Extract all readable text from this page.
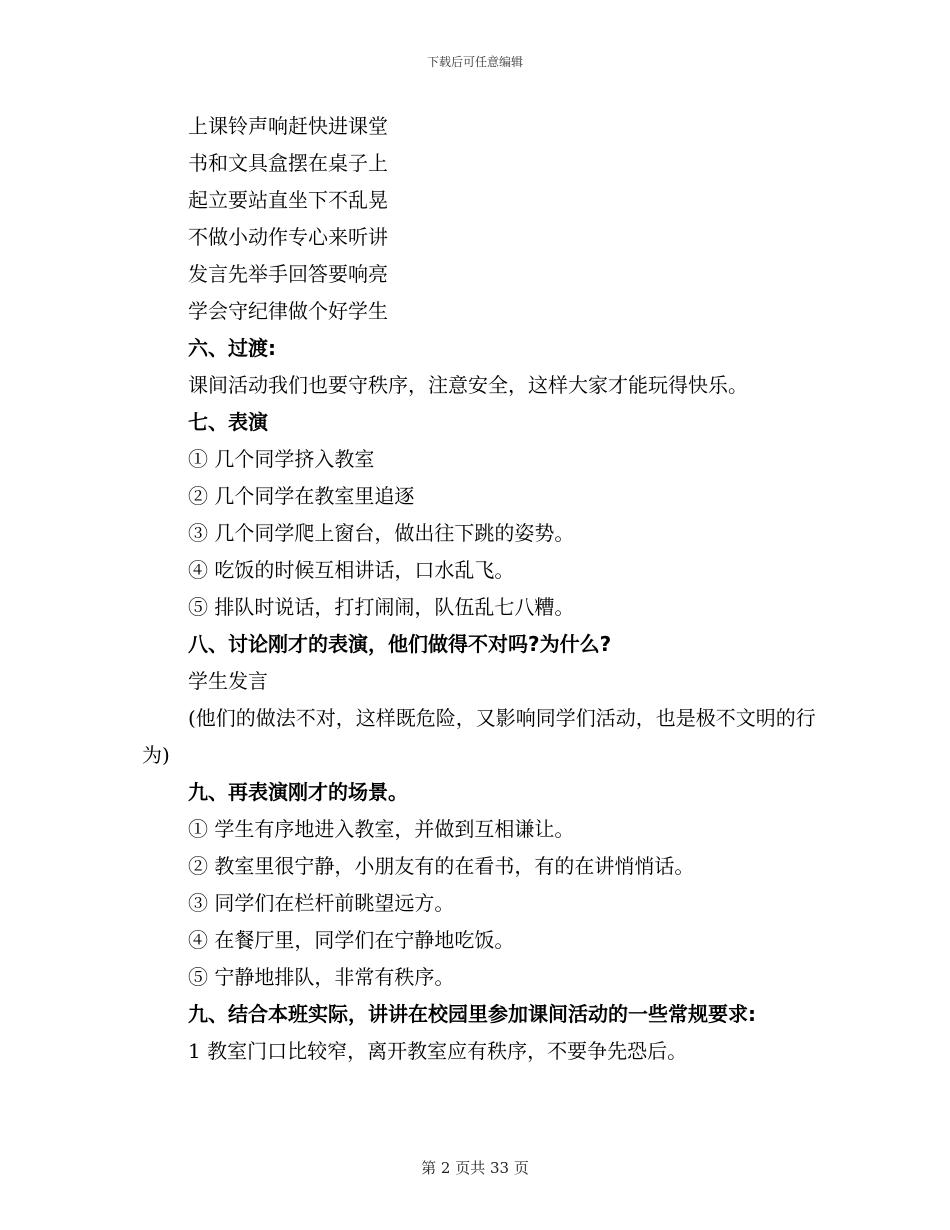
下载后可任意编辑
上课铃声响赶快进课堂
书和文具盒摆在桌子上
起立要站直坐下不乱晃
不做小动作专心来听讲
发言先举手回答要响亮
学会守纪律做个好学生
六、过渡:
课间活动我们也要守秩序，注意安全，这样大家才能玩得快乐。
七、表演
① 几个同学挤入教室
② 几个同学在教室里追逐
③ 几个同学爬上窗台，做出往下跳的姿势。
④ 吃饭的时候互相讲话，口水乱飞。
⑤ 排队时说话，打打闹闹，队伍乱七八糟。
八、讨论刚才的表演，他们做得不对吗?为什么?
学生发言
(他们的做法不对，这样既危险，又影响同学们活动，也是极不文明的行为)
九、再表演刚才的场景。
① 学生有序地进入教室，并做到互相谦让。
② 教室里很宁静，小朋友有的在看书，有的在讲悄悄话。
③ 同学们在栏杆前眺望远方。
④ 在餐厅里，同学们在宁静地吃饭。
⑤ 宁静地排队，非常有秩序。
九、结合本班实际，讲讲在校园里参加课间活动的一些常规要求:
1 教室门口比较窄，离开教室应有秩序，不要争先恐后。
第 2 页共 33 页
